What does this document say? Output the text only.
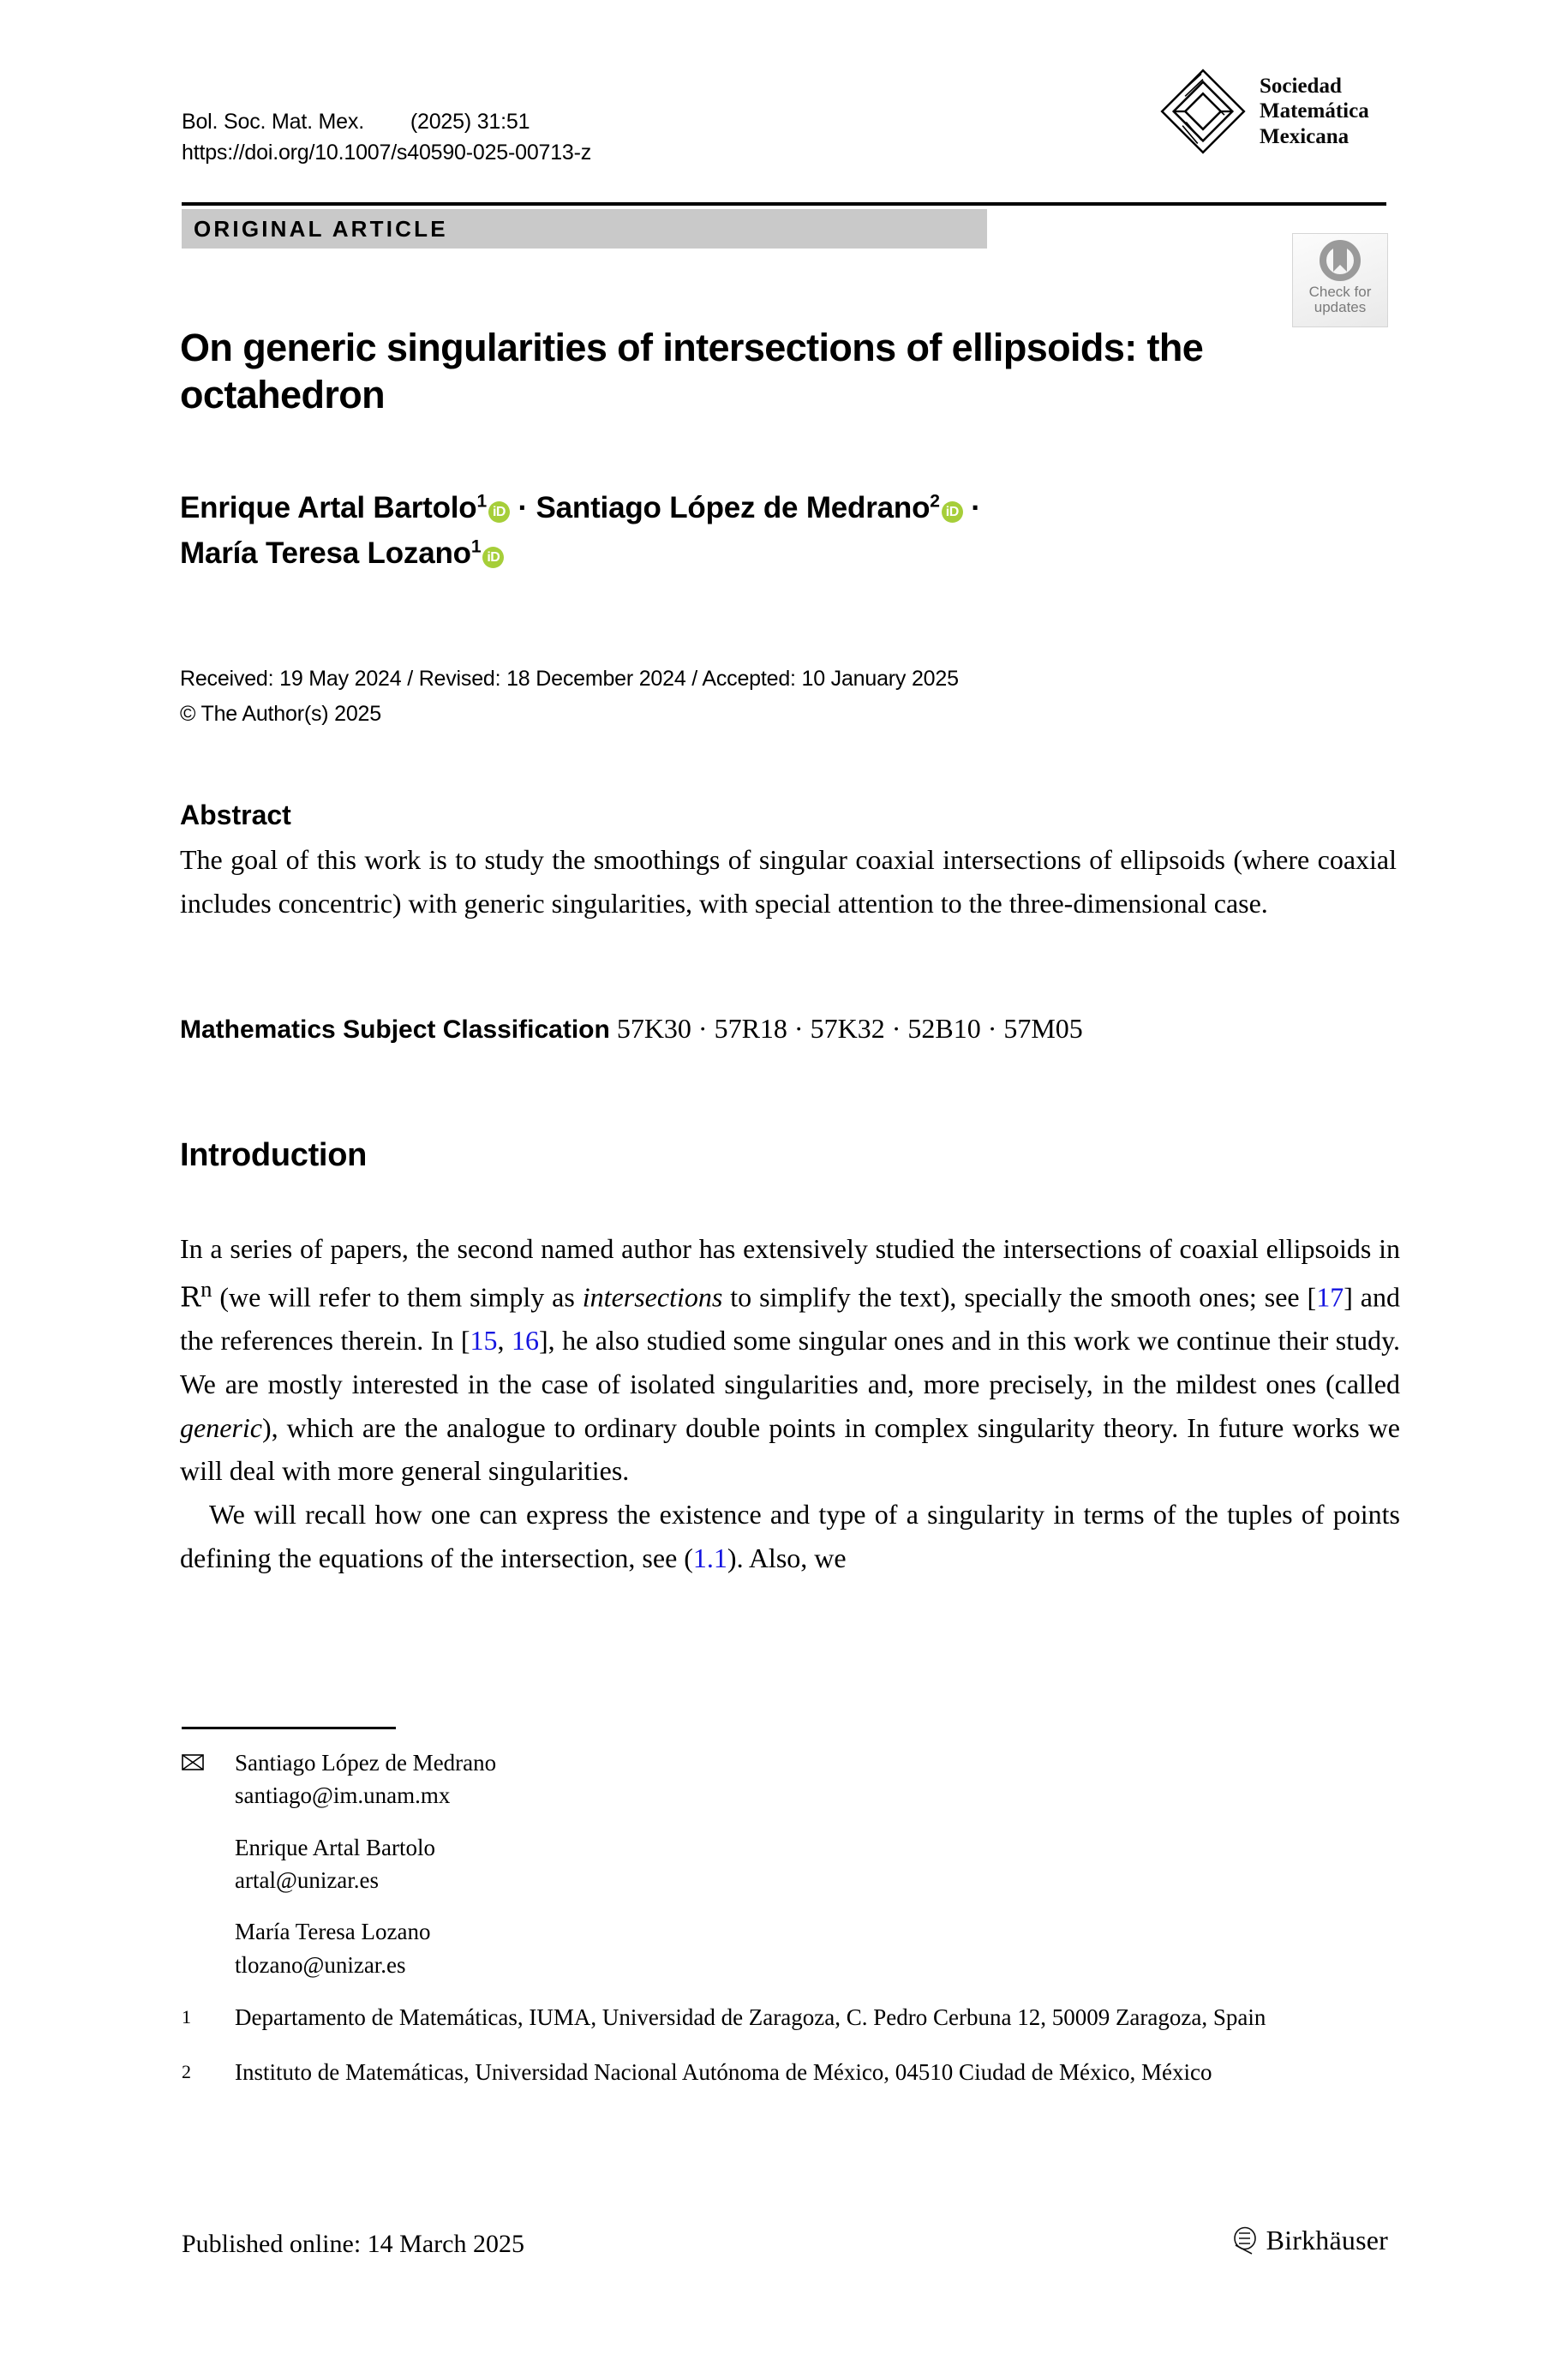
Bol. Soc. Mat. Mex.        (2025) 31:51
https://doi.org/10.1007/s40590-025-00713-z
Sociedad
Matemática
Mexicana
ORIGINAL ARTICLE
Check for
updates
On generic singularities of intersections of ellipsoids: the octahedron
Enrique Artal Bartolo$^1$iD · Santiago López de Medrano$^2$iD ·
María Teresa Lozano$^1$iD
Received: 19 May 2024 / Revised: 18 December 2024 / Accepted: 10 January 2025
© The Author(s) 2025
Abstract
The goal of this work is to study the smoothings of singular coaxial intersections of ellipsoids (where coaxial includes concentric) with generic singularities, with special attention to the three-dimensional case.
Mathematics Subject Classification 57K30 · 57R18 · 57K32 · 52B10 · 57M05
Introduction

In a series of papers, the second named author has extensively studied the intersections of coaxial ellipsoids in $R^n$ (we will refer to them simply as intersections to simplify the text), specially the smooth ones; see [17] and the references therein. In [15, 16], he also studied some singular ones and in this work we continue their study. We are mostly interested in the case of isolated singularities and, more precisely, in the mildest ones (called generic), which are the analogue to ordinary double points in complex singularity theory. In future works we will deal with more general singularities.

We will recall how one can express the existence and type of a singularity in terms of the tuples of points defining the equations of the intersection, see (1.1). Also, we

Santiago López de Medrano
santiago@im.unam.mx
Enrique Artal Bartolo
artal@unizar.es
María Teresa Lozano
tlozano@unizar.es
1	Departamento de Matemáticas, IUMA, Universidad de Zaragoza, C. Pedro Cerbuna 12, 50009 Zaragoza, Spain
2	Instituto de Matemáticas, Universidad Nacional Autónoma de México, 04510 Ciudad de México, México
Published online: 14 March 2025	Birkhäuser
